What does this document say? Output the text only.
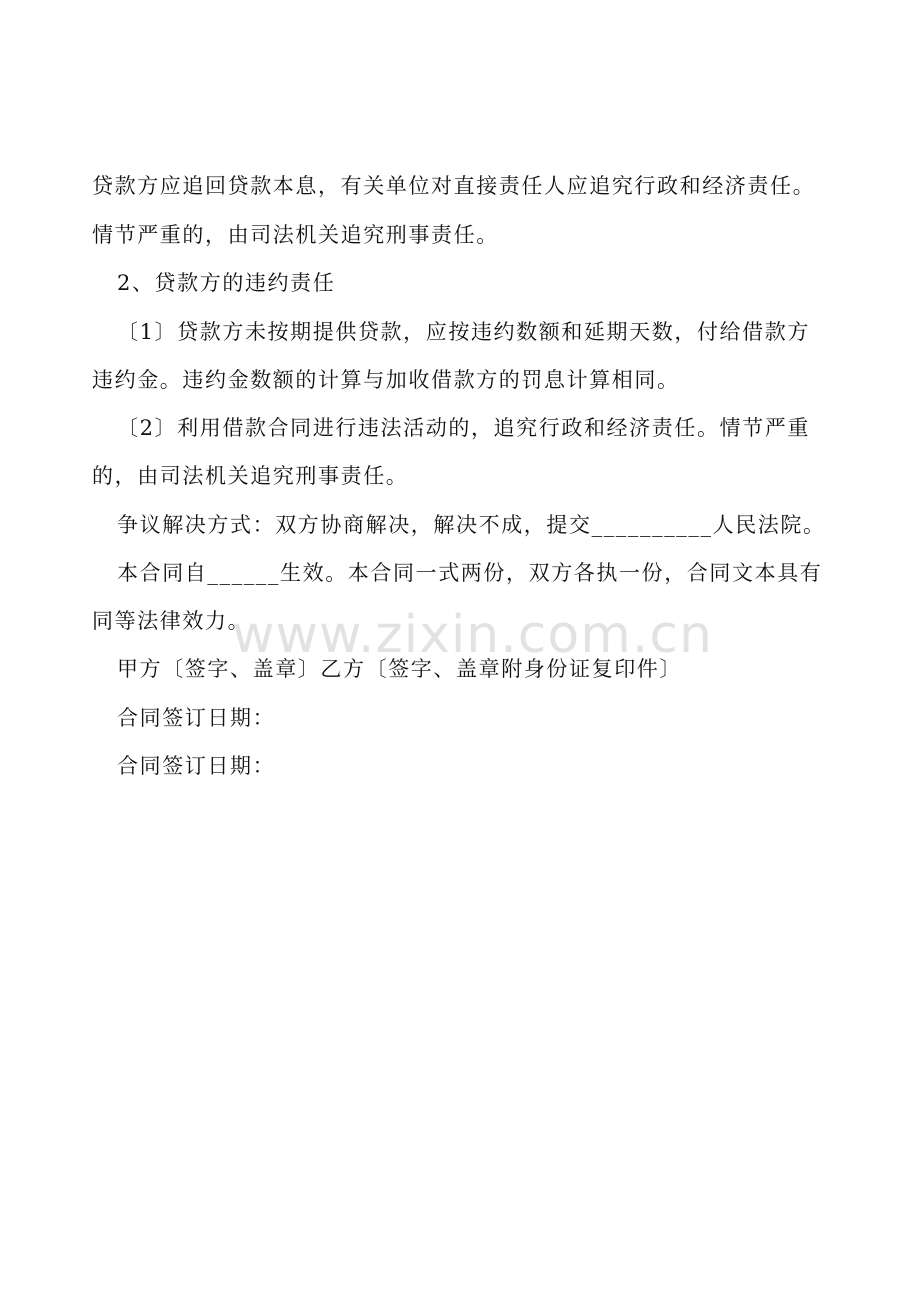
贷款方应追回贷款本息，有关单位对直接责任人应追究行政和经济责任。
情节严重的，由司法机关追究刑事责任。
2、贷款方的违约责任
〔1〕贷款方未按期提供贷款，应按违约数额和延期天数，付给借款方
违约金。违约金数额的计算与加收借款方的罚息计算相同。
〔2〕利用借款合同进行违法活动的，追究行政和经济责任。情节严重
的，由司法机关追究刑事责任。
争议解决方式：双方协商解决，解决不成，提交__________人民法院。
本合同自______生效。本合同一式两份，双方各执一份，合同文本具有
同等法律效力。
甲方〔签字、盖章〕乙方〔签字、盖章附身份证复印件〕
合同签订日期：
合同签订日期：
www.zixin.com.cn
